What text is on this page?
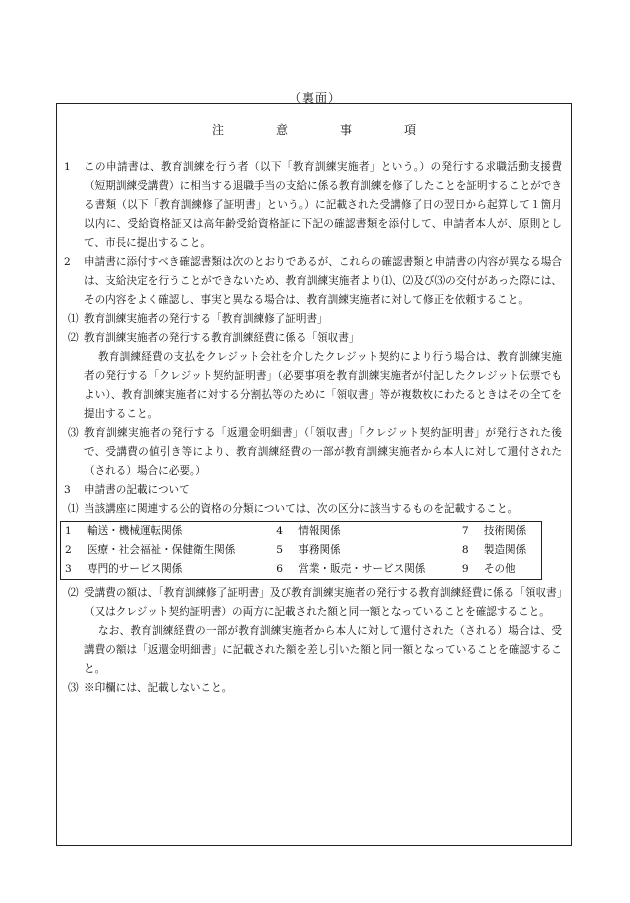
（裏面）
注　意　事　項
1 この申請書は、教育訓練を行う者（以下「教育訓練実施者」という。）の発行する求職活動支援費（短期訓練受講費）に相当する退職手当の支給に係る教育訓練を修了したことを証明することができる書類（以下「教育訓練修了証明書」という。）に記載された受講修了日の翌日から起算して１箇月以内に、受給資格証又は高年齢受給資格証に下記の確認書類を添付して、申請者本人が、原則として、市長に提出すること。
2 申請書に添付すべき確認書類は次のとおりであるが、これらの確認書類と申請書の内容が異なる場合は、支給決定を行うことができないため、教育訓練実施者より⑴、⑵及び⑶の交付があった際には、その内容をよく確認し、事実と異なる場合は、教育訓練実施者に対して修正を依頼すること。
⑴ 教育訓練実施者の発行する「教育訓練修了証明書」
⑵ 教育訓練実施者の発行する教育訓練経費に係る「領収書」
教育訓練経費の支払をクレジット会社を介したクレジット契約により行う場合は、教育訓練実施者の発行する「クレジット契約証明書」（必要事項を教育訓練実施者が付記したクレジット伝票でもよい）、教育訓練実施者に対する分割払等のために「領収書」等が複数枚にわたるときはその全てを提出すること。
⑶ 教育訓練実施者の発行する「返還金明細書」（「領収書」「クレジット契約証明書」が発行された後で、受講費の値引き等により、教育訓練経費の一部が教育訓練実施者から本人に対して還付された（される）場合に必要。）
3 申請書の記載について
⑴ 当該講座に関連する公的資格の分類については、次の区分に該当するものを記載すること。
1	輸送・機械運転関係	4	情報関係	7	技術関係
2	医療・社会福祉・保健衛生関係	5	事務関係	8	製造関係
3	専門的サービス関係	6	営業・販売・サービス関係	9	その他
⑵ 受講費の額は、「教育訓練修了証明書」及び教育訓練実施者の発行する教育訓練経費に係る「領収書」（又はクレジット契約証明書）の両方に記載された額と同一額となっていることを確認すること。
なお、教育訓練経費の一部が教育訓練実施者から本人に対して還付された（される）場合は、受講費の額は「返還金明細書」に記載された額を差し引いた額と同一額となっていることを確認すること。
⑶ ※印欄には、記載しないこと。
